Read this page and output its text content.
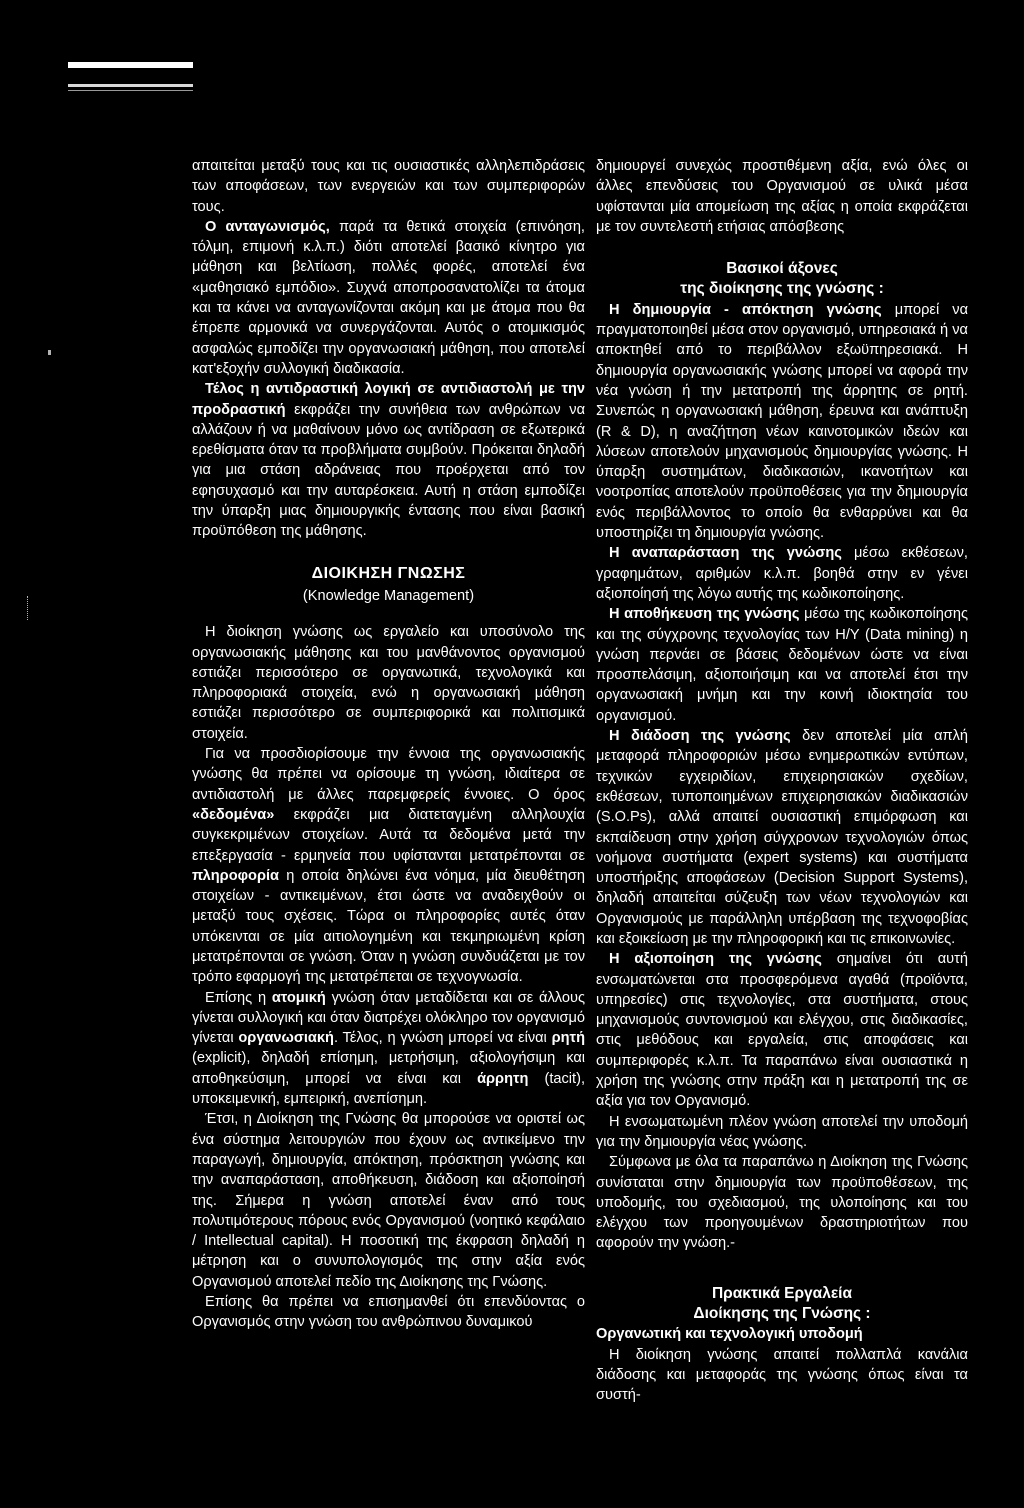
απαιτείται μεταξύ τους και τις ουσιαστικές αλληλεπιδράσεις των αποφάσεων, των ενεργειών και των συμπεριφορών τους.

Ο ανταγωνισμός, παρά τα θετικά στοιχεία (επινόηση, τόλμη, επιμονή κ.λ.π.) διότι αποτελεί βασικό κίνητρο για μάθηση και βελτίωση, πολλές φορές, αποτελεί ένα «μαθησιακό εμπόδιο». Συχνά αποπροσανατολίζει τα άτομα και τα κάνει να ανταγωνίζονται ακόμη και με άτομα που θα έπρεπε αρμονικά να συνεργάζονται. Αυτός ο ατομικισμός ασφαλώς εμποδίζει την οργανωσιακή μάθηση, που αποτελεί κατ'εξοχήν συλλογική διαδικασία.

Τέλος η αντιδραστική λογική σε αντιδιαστολή με την προδραστική εκφράζει την συνήθεια των ανθρώπων να αλλάζουν ή να μαθαίνουν μόνο ως αντίδραση σε εξωτερικά ερεθίσματα όταν τα προβλήματα συμβούν. Πρόκειται δηλαδή για μια στάση αδράνειας που προέρχεται από τον εφησυχασμό και την αυταρέσκεια. Αυτή η στάση εμποδίζει την ύπαρξη μιας δημιουργικής έντασης που είναι βασική προϋπόθεση της μάθησης.

ΔΙΟΙΚΗΣΗ ΓΝΩΣΗΣ
(Knowledge Management)

Η διοίκηση γνώσης ως εργαλείο και υποσύνολο της οργανωσιακής μάθησης και του μανθάνοντος οργανισμού εστιάζει περισσότερο σε οργανωτικά, τεχνολογικά και πληροφοριακά στοιχεία, ενώ η οργανωσιακή μάθηση εστιάζει περισσότερο σε συμπεριφορικά και πολιτισμικά στοιχεία.

Για να προσδιορίσουμε την έννοια της οργανωσιακής γνώσης θα πρέπει να ορίσουμε τη γνώση, ιδιαίτερα σε αντιδιαστολή με άλλες παρεμφερείς έννοιες. Ο όρος «δεδομένα» εκφράζει μια διατεταγμένη αλληλουχία συγκεκριμένων στοιχείων. Αυτά τα δεδομένα μετά την επεξεργασία - ερμηνεία που υφίστανται μετατρέπονται σε πληροφορία η οποία δηλώνει ένα νόημα, μία διευθέτηση στοιχείων - αντικειμένων, έτσι ώστε να αναδειχθούν οι μεταξύ τους σχέσεις. Τώρα οι πληροφορίες αυτές όταν υπόκεινται σε μία αιτιολογημένη και τεκμηριωμένη κρίση μετατρέπονται σε γνώση. Όταν η γνώση συνδυάζεται με τον τρόπο εφαρμογή της μετατρέπεται σε τεχνογνωσία.

Επίσης η ατομική γνώση όταν μεταδίδεται και σε άλλους γίνεται συλλογική και όταν διατρέχει ολόκληρο τον οργανισμό γίνεται οργανωσιακή. Τέλος, η γνώση μπορεί να είναι ρητή (explicit), δηλαδή επίσημη, μετρήσιμη, αξιολογήσιμη και αποθηκεύσιμη, μπορεί να είναι και άρρητη (tacit), υποκειμενική, εμπειρική, ανεπίσημη.

Έτσι, η Διοίκηση της Γνώσης θα μπορούσε να οριστεί ως ένα σύστημα λειτουργιών που έχουν ως αντικείμενο την παραγωγή, δημιουργία, απόκτηση, πρόσκτηση γνώσης και την αναπαράσταση, αποθήκευση, διάδοση και αξιοποίησή της. Σήμερα η γνώση αποτελεί έναν από τους πολυτιμότερους πόρους ενός Οργανισμού (νοητικό κεφάλαιο / Intellectual capital). Η ποσοτική της έκφραση δηλαδή η μέτρηση και ο συνυπολογισμός της στην αξία ενός Οργανισμού αποτελεί πεδίο της Διοίκησης της Γνώσης.

Επίσης θα πρέπει να επισημανθεί ότι επενδύοντας ο Οργανισμός στην γνώση του ανθρώπινου δυναμικού

δημιουργεί συνεχώς προστιθέμενη αξία, ενώ όλες οι άλλες επενδύσεις του Οργανισμού σε υλικά μέσα υφίστανται μία απομείωση της αξίας η οποία εκφράζεται με τον συντελεστή ετήσιας απόσβεσης

Βασικοί άξονες
της διοίκησης της γνώσης :

Η δημιουργία - απόκτηση γνώσης μπορεί να πραγματοποιηθεί μέσα στον οργανισμό, υπηρεσιακά ή να αποκτηθεί από το περιβάλλον εξωϋπηρεσιακά. Η δημιουργία οργανωσιακής γνώσης μπορεί να αφορά την νέα γνώση ή την μετατροπή της άρρητης σε ρητή. Συνεπώς η οργανωσιακή μάθηση, έρευνα και ανάπτυξη (R & D), η αναζήτηση νέων καινοτομικών ιδεών και λύσεων αποτελούν μηχανισμούς δημιουργίας γνώσης. Η ύπαρξη συστημάτων, διαδικασιών, ικανοτήτων και νοοτροπίας αποτελούν προϋποθέσεις για την δημιουργία ενός περιβάλλοντος το οποίο θα ενθαρρύνει και θα υποστηρίζει τη δημιουργία γνώσης.

Η αναπαράσταση της γνώσης μέσω εκθέσεων, γραφημάτων, αριθμών κ.λ.π. βοηθά στην εν γένει αξιοποίησή της λόγω αυτής της κωδικοποίησης.

Η αποθήκευση της γνώσης μέσω της κωδικοποίησης και της σύγχρονης τεχνολογίας των Η/Υ (Data mining) η γνώση περνάει σε βάσεις δεδομένων ώστε να είναι προσπελάσιμη, αξιοποιήσιμη και να αποτελεί έτσι την οργανωσιακή μνήμη και την κοινή ιδιοκτησία του οργανισμού.

Η διάδοση της γνώσης δεν αποτελεί μία απλή μεταφορά πληροφοριών μέσω ενημερωτικών εντύπων, τεχνικών εγχειριδίων, επιχειρησιακών σχεδίων, εκθέσεων, τυποποιημένων επιχειρησιακών διαδικασιών (S.O.Ps), αλλά απαιτεί ουσιαστική επιμόρφωση και εκπαίδευση στην χρήση σύγχρονων τεχνολογιών όπως νοήμονα συστήματα (expert systems) και συστήματα υποστήριξης αποφάσεων (Decision Support Systems), δηλαδή απαιτείται σύζευξη των νέων τεχνολογιών και Οργανισμούς με παράλληλη υπέρβαση της τεχνοφοβίας και εξοικείωση με την πληροφορική και τις επικοινωνίες.

Η αξιοποίηση της γνώσης σημαίνει ότι αυτή ενσωματώνεται στα προσφερόμενα αγαθά (προϊόντα, υπηρεσίες) στις τεχνολογίες, στα συστήματα, στους μηχανισμούς συντονισμού και ελέγχου, στις διαδικασίες, στις μεθόδους και εργαλεία, στις αποφάσεις και συμπεριφορές κ.λ.π. Τα παραπάνω είναι ουσιαστικά η χρήση της γνώσης στην πράξη και η μετατροπή της σε αξία για τον Οργανισμό.

Η ενσωματωμένη πλέον γνώση αποτελεί την υποδομή για την δημιουργία νέας γνώσης.

Σύμφωνα με όλα τα παραπάνω η Διοίκηση της Γνώσης συνίσταται στην δημιουργία των προϋποθέσεων, της υποδομής, του σχεδιασμού, της υλοποίησης και του ελέγχου των προηγουμένων δραστηριοτήτων που αφορούν την γνώση.-

Πρακτικά Εργαλεία
Διοίκησης της Γνώσης :

Οργανωτική και τεχνολογική υποδομή

Η διοίκηση γνώσης απαιτεί πολλαπλά κανάλια διάδοσης και μεταφοράς της γνώσης όπως είναι τα συστή-
